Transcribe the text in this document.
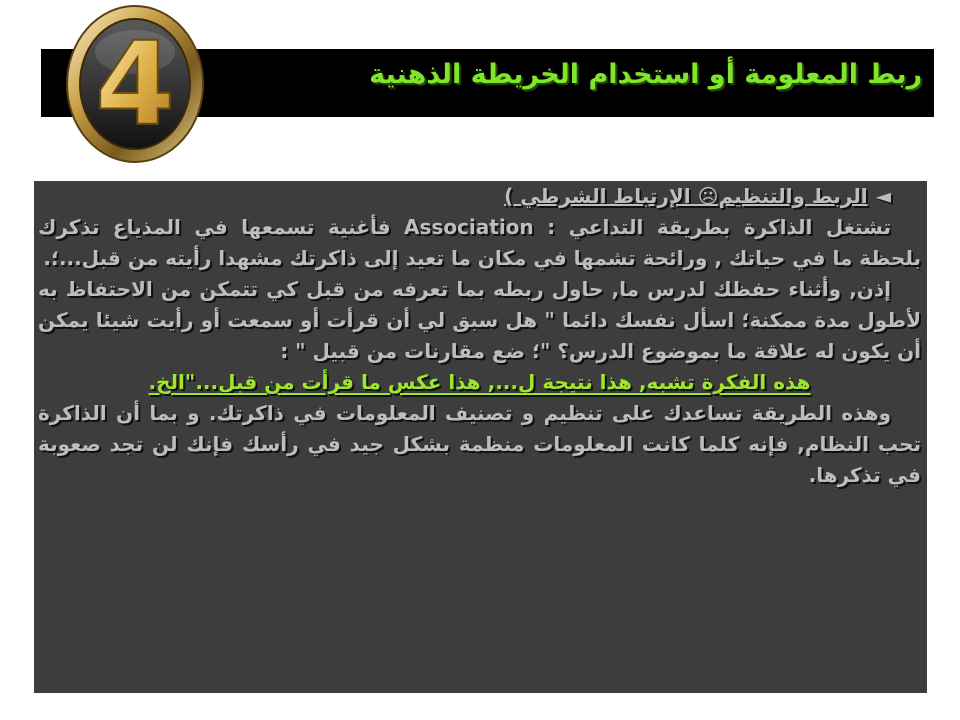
ربط المعلومة أو استخدام الخريطة الذهنية
4

◄الربط والتنظيم☹ الإرتباط الشرطي )

تشتغل الذاكرة بطريقة التداعي : Association فأغنية تسمعها في المذياع تذكرك بلحظة ما في حياتك , ورائحة تشمها في مكان ما تعيد إلى ذاكرتك مشهدا رأيته من قبل...؛.

إذن, وأثناء حفظك لدرس ما, حاول ربطه بما تعرفه من قبل كي تتمكن من الاحتفاظ به لأطول مدة ممكنة؛ اسأل نفسك دائما " هل سبق لي أن قرأت أو سمعت أو رأيت شيئا يمكن أن يكون له علاقة ما بموضوع الدرس؟ "؛ ضع مقارنات من قبيل " :

هذه الفكرة تشبه, هذا نتيجة ل..., هذا عكس ما قرأت من قبل..."الخ.

وهذه الطريقة تساعدك على تنظيم و تصنيف المعلومات في ذاكرتك. و بما أن الذاكرة تحب النظام, فإنه كلما كانت المعلومات منظمة بشكل جيد في رأسك فإنك لن تجد صعوبة في تذكرها.
